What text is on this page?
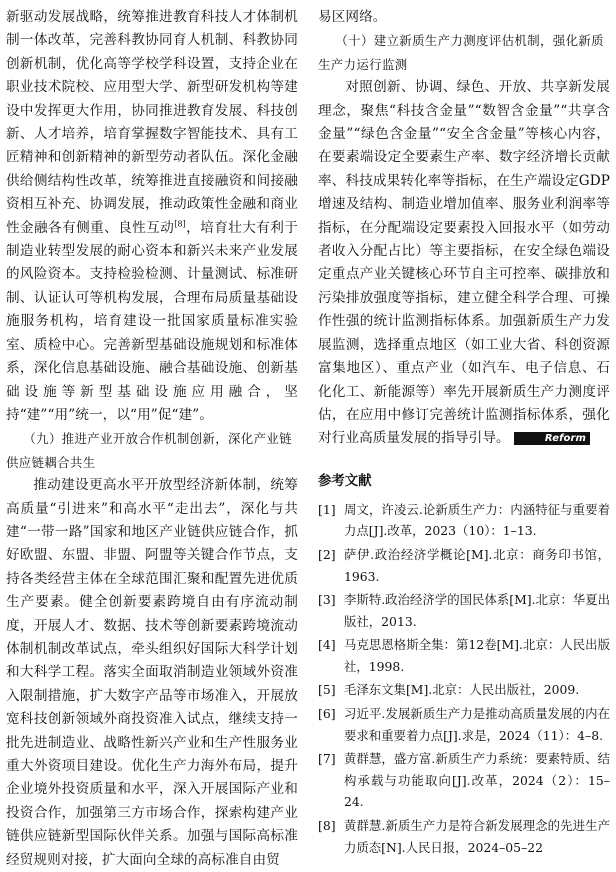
新驱动发展战略，统筹推进教育科技人才体制机制一体改革，完善科教协同育人机制、科教协同创新机制，优化高等学校学科设置，支持企业在职业技术院校、应用型大学、新型研发机构等建设中发挥更大作用，协同推进教育发展、科技创新、人才培养，培育掌握数字智能技术、具有工匠精神和创新精神的新型劳动者队伍。深化金融供给侧结构性改革，统筹推进直接融资和间接融资相互补充、协调发展，推动政策性金融和商业性金融各有侧重、良性互动[8]，培育壮大有利于制造业转型发展的耐心资本和新兴未来产业发展的风险资本。支持检验检测、计量测试、标准研制、认证认可等机构发展，合理布局质量基础设施服务机构，培育建设一批国家质量标准实验室、质检中心。完善新型基础设施规划和标准体系，深化信息基础设施、融合基础设施、创新基础设施等新型基础设施应用融合，坚持“建”“用”统一，以“用”促“建”。

（九）推进产业开放合作机制创新，深化产业链供应链耦合共生

推动建设更高水平开放型经济新体制，统筹高质量“引进来”和高水平“走出去”，深化与共建“一带一路”国家和地区产业链供应链合作，抓好欧盟、东盟、非盟、阿盟等关键合作节点，支持各类经营主体在全球范围汇聚和配置先进优质生产要素。健全创新要素跨境自由有序流动制度，开展人才、数据、技术等创新要素跨境流动体制机制改革试点，牵头组织好国际大科学计划和大科学工程。落实全面取消制造业领域外资准入限制措施，扩大数字产品等市场准入，开展放宽科技创新领域外商投资准入试点，继续支持一批先进制造业、战略性新兴产业和生产性服务业重大外资项目建设。优化生产力海外布局，提升企业境外投资质量和水平，深入开展国际产业和投资合作，加强第三方市场合作，探索构建产业链供应链新型国际伙伴关系。加强与国际高标准经贸规则对接，扩大面向全球的高标准自由贸

易区网络。

（十）建立新质生产力测度评估机制，强化新质生产力运行监测

对照创新、协调、绿色、开放、共享新发展理念，聚焦“科技含金量”“数智含金量”“共享含金量”“绿色含金量”“安全含金量”等核心内容，在要素端设定全要素生产率、数字经济增长贡献率、科技成果转化率等指标，在生产端设定GDP增速及结构、制造业增加值率、服务业利润率等指标，在分配端设定要素投入回报水平（如劳动者收入分配占比）等主要指标，在安全绿色端设定重点产业关键核心环节自主可控率、碳排放和污染排放强度等指标，建立健全科学合理、可操作性强的统计监测指标体系。加强新质生产力发展监测，选择重点地区（如工业大省、科创资源富集地区）、重点产业（如汽车、电子信息、石化化工、新能源等）率先开展新质生产力测度评估，在应用中修订完善统计监测指标体系，强化对行业高质量发展的指导引导。	Reform

参考文献
[1] 周文，许凌云.论新质生产力：内涵特征与重要着力点[J].改革，2023（10）：1–13.
[2] 萨伊.政治经济学概论[M].北京：商务印书馆，1963.
[3] 李斯特.政治经济学的国民体系[M].北京：华夏出版社，2013.
[4] 马克思恩格斯全集：第12卷[M].北京：人民出版社，1998.
[5] 毛泽东文集[M].北京：人民出版社，2009.
[6] 习近平.发展新质生产力是推动高质量发展的内在要求和重要着力点[J].求是，2024（11）：4–8.
[7] 黄群慧，盛方富.新质生产力系统：要素特质、结构承载与功能取向[J].改革，2024（2）：15–24.
[8] 黄群慧.新质生产力是符合新发展理念的先进生产力质态[N].人民日报，2024–05–22
